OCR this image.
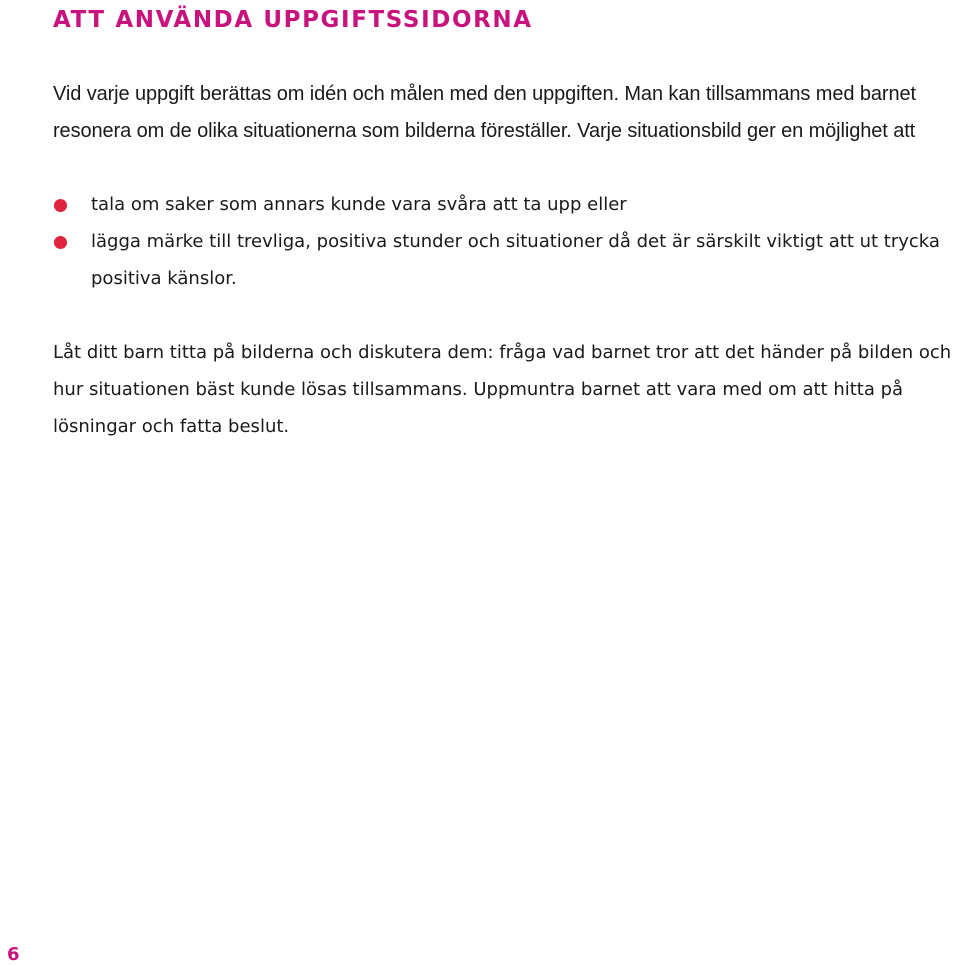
ATT ANVÄNDA UPPGIFTSSIDORNA

Vid varje uppgift berättas om idén och målen med den uppgiften. Man kan tillsammans med barnet resonera om de olika situationerna som bilderna föreställer. Varje situationsbild ger en möjlighet att

tala om saker som annars kunde vara svåra att ta upp eller
lägga märke till trevliga, positiva stunder och situationer då det är särskilt viktigt att ut trycka positiva känslor.

Låt ditt barn titta på bilderna och diskutera dem: fråga vad barnet tror att det händer på bilden och hur situationen bäst kunde lösas tillsammans. Uppmuntra barnet att vara med om att hitta på lösningar och fatta beslut.

6
